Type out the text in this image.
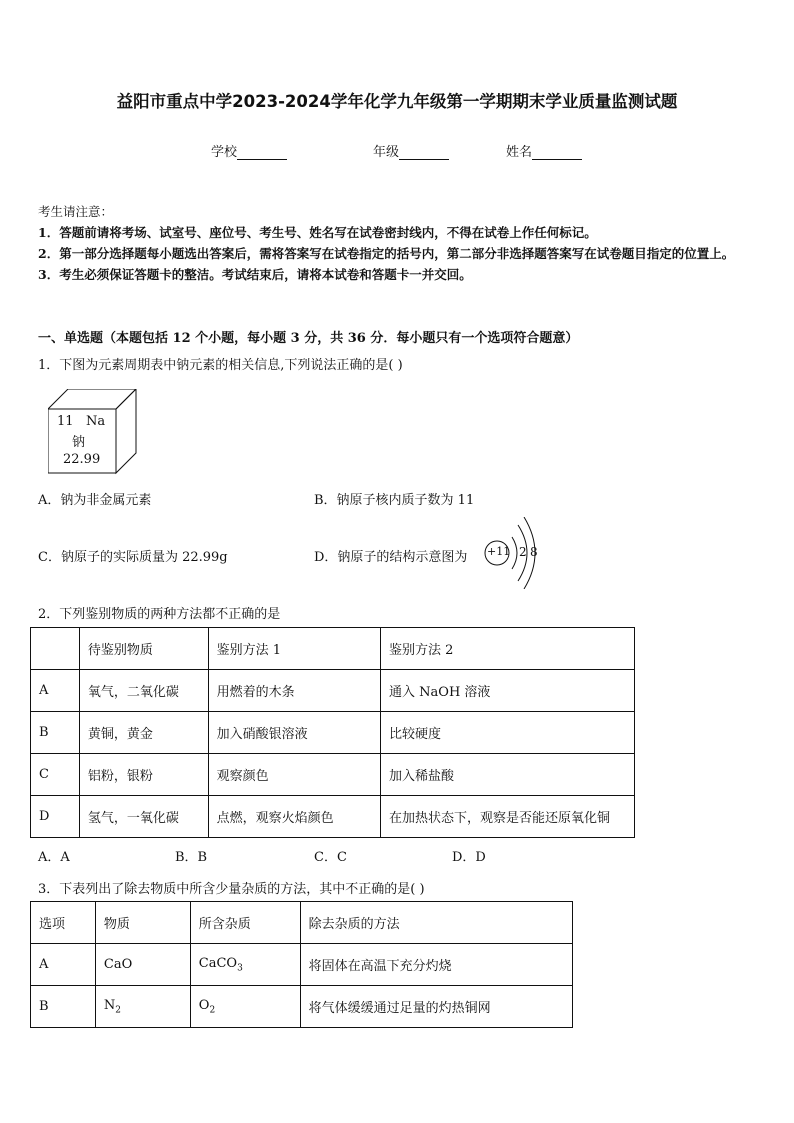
益阳市重点中学2023-2024学年化学九年级第一学期期末学业质量监测试题
学校	年级	姓名
考生请注意：
1．答题前请将考场、试室号、座位号、考生号、姓名写在试卷密封线内，不得在试卷上作任何标记。
2．第一部分选择题每小题选出答案后，需将答案写在试卷指定的括号内，第二部分非选择题答案写在试卷题目指定的位置上。
3．考生必须保证答题卡的整洁。考试结束后，请将本试卷和答题卡一并交回。
一、单选题（本题包括 12 个小题，每小题 3 分，共 36 分．每小题只有一个选项符合题意）
1．下图为元素周期表中钠元素的相关信息,下列说法正确的是( )
11 Na
钠
22.99
A．钠为非金属元素	B．钠原子核内质子数为 11
C．钠原子的实际质量为 22.99g	D．钠原子的结构示意图为 +11 2 8
2．下列鉴别物质的两种方法都不正确的是
	待鉴别物质	鉴别方法 1	鉴别方法 2
A	氧气，二氧化碳	用燃着的木条	通入 NaOH 溶液
B	黄铜，黄金	加入硝酸银溶液	比较硬度
C	铝粉，银粉	观察颜色	加入稀盐酸
D	氢气，一氧化碳	点燃，观察火焰颜色	在加热状态下，观察是否能还原氧化铜
A．A	B．B	C．C	D．D
3．下表列出了除去物质中所含少量杂质的方法，其中不正确的是( )
选项	物质	所含杂质	除去杂质的方法
A	CaO	CaCO$_3$	将固体在高温下充分灼烧
B	$N_2$	$O_2$	将气体缓缓通过足量的灼热铜网
